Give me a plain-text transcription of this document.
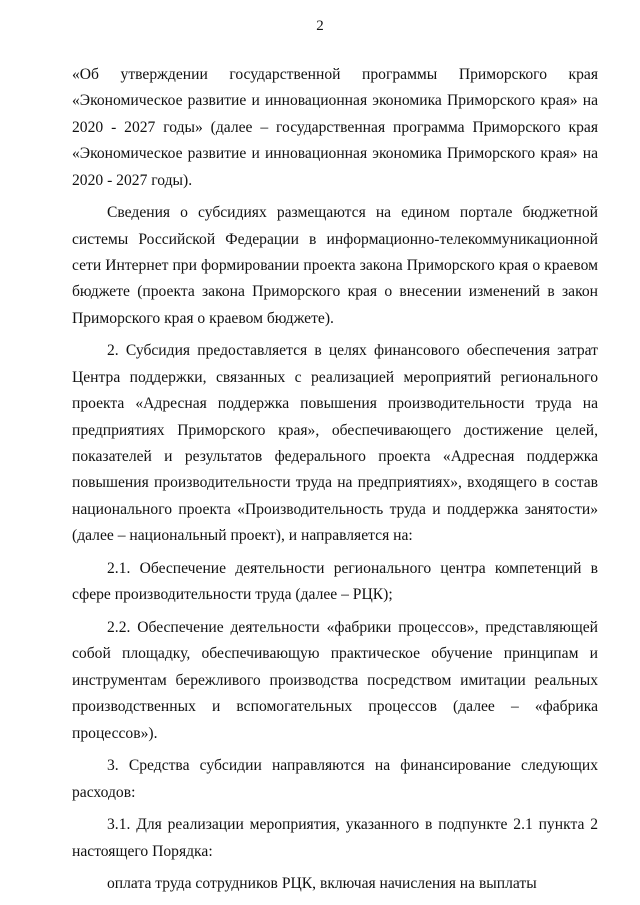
2

«Об утверждении государственной программы Приморского края «Экономическое развитие и инновационная экономика Приморского края» на 2020 - 2027 годы» (далее – государственная программа Приморского края «Экономическое развитие и инновационная экономика Приморского края» на 2020 - 2027 годы).

Сведения о субсидиях размещаются на едином портале бюджетной системы Российской Федерации в информационно-телекоммуникационной сети Интернет при формировании проекта закона Приморского края о краевом бюджете (проекта закона Приморского края о внесении изменений в закон Приморского края о краевом бюджете).

2. Субсидия предоставляется в целях финансового обеспечения затрат Центра поддержки, связанных с реализацией мероприятий регионального проекта «Адресная поддержка повышения производительности труда на предприятиях Приморского края», обеспечивающего достижение целей, показателей и результатов федерального проекта «Адресная поддержка повышения производительности труда на предприятиях», входящего в состав национального проекта «Производительность труда и поддержка занятости» (далее – национальный проект), и направляется на:

2.1. Обеспечение деятельности регионального центра компетенций в сфере производительности труда (далее – РЦК);

2.2. Обеспечение деятельности «фабрики процессов», представляющей собой площадку, обеспечивающую практическое обучение принципам и инструментам бережливого производства посредством имитации реальных производственных и вспомогательных процессов (далее – «фабрика процессов»).

3. Средства субсидии направляются на финансирование следующих расходов:

3.1. Для реализации мероприятия, указанного в подпункте 2.1 пункта 2 настоящего Порядка:

оплата труда сотрудников РЦК, включая начисления на выплаты
